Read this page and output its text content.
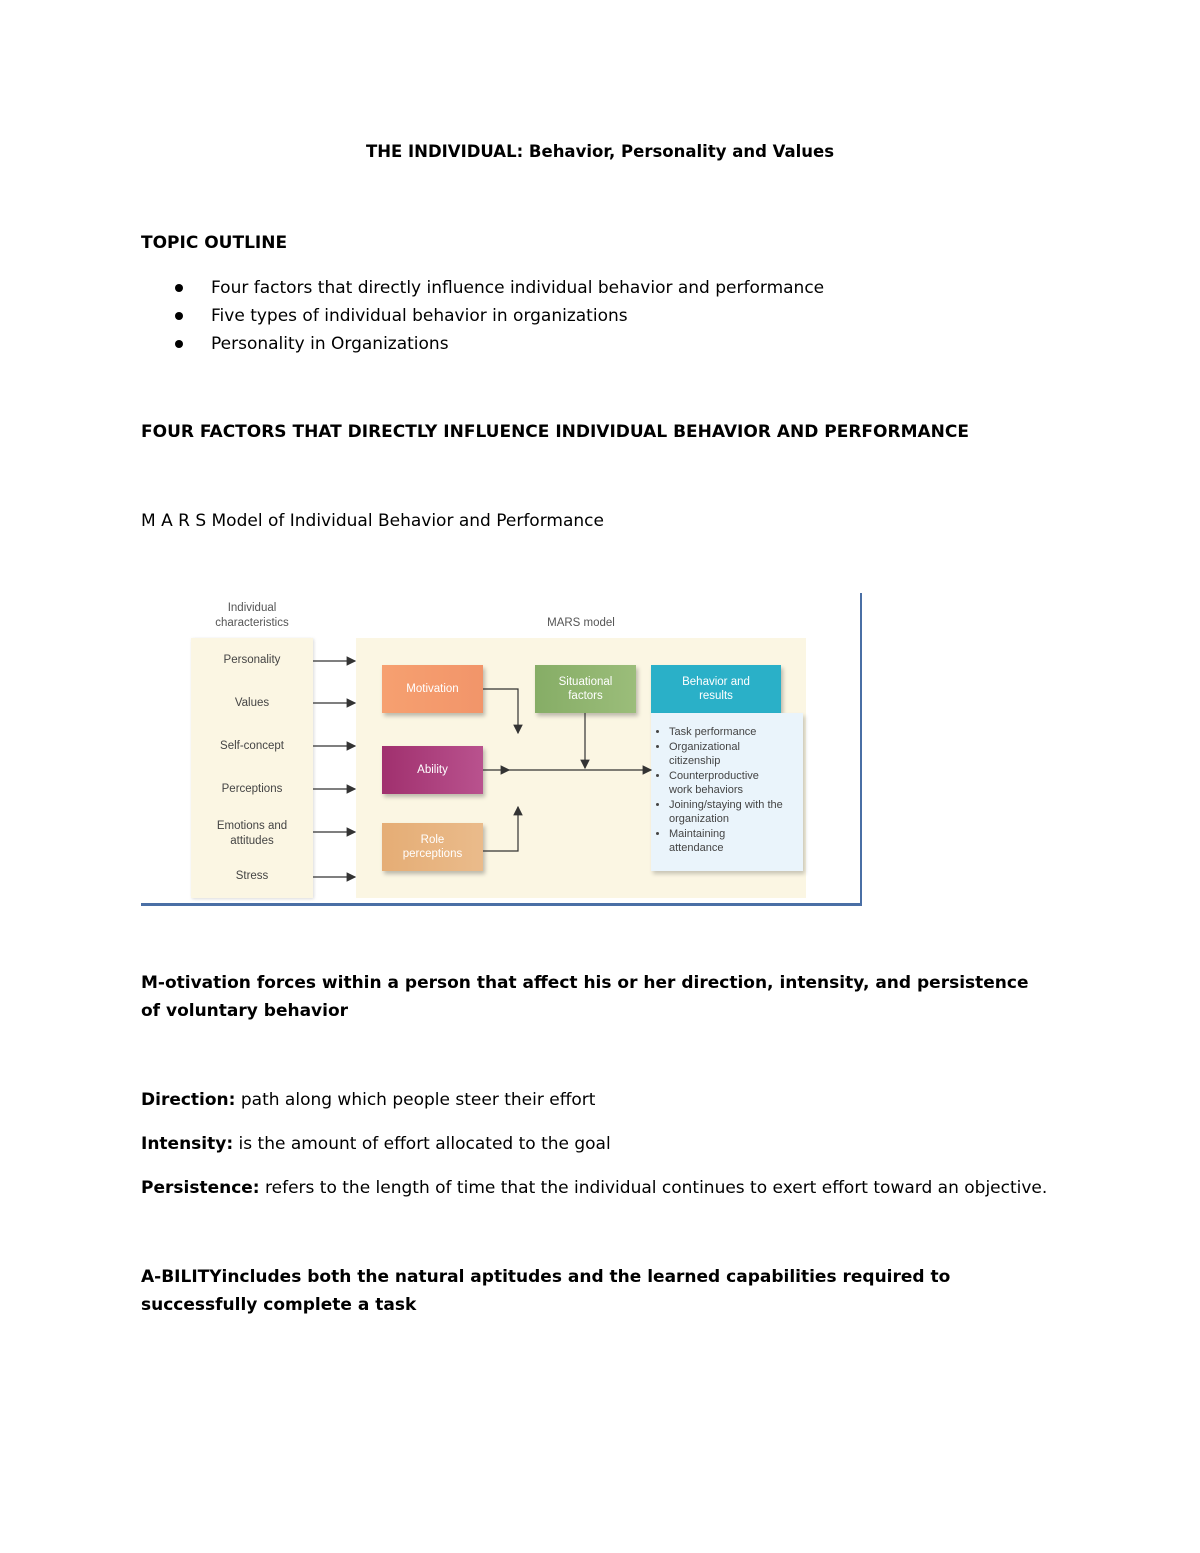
THE INDIVIDUAL: Behavior, Personality and Values
TOPIC OUTLINE
Four factors that directly influence individual behavior and performance
Five types of individual behavior in organizations
Personality in Organizations
FOUR FACTORS THAT DIRECTLY INFLUENCE INDIVIDUAL BEHAVIOR AND PERFORMANCE
M A R S Model of Individual Behavior and Performance
Individual characteristics	MARS model
Personality
Values
Self-concept
Perceptions
Emotions and attitudes
Stress
Motivation
Ability
Role perceptions
Situational factors
Behavior and results
• Task performance
• Organizational citizenship
• Counterproductive work behaviors
• Joining/staying with the organization
• Maintaining attendance
M-otivation forces within a person that affect his or her direction, intensity, and persistence of voluntary behavior
Direction: path along which people steer their effort
Intensity: is the amount of effort allocated to the goal
Persistence: refers to the length of time that the individual continues to exert effort toward an objective.
A-BILITYincludes both the natural aptitudes and the learned capabilities required to successfully complete a task
